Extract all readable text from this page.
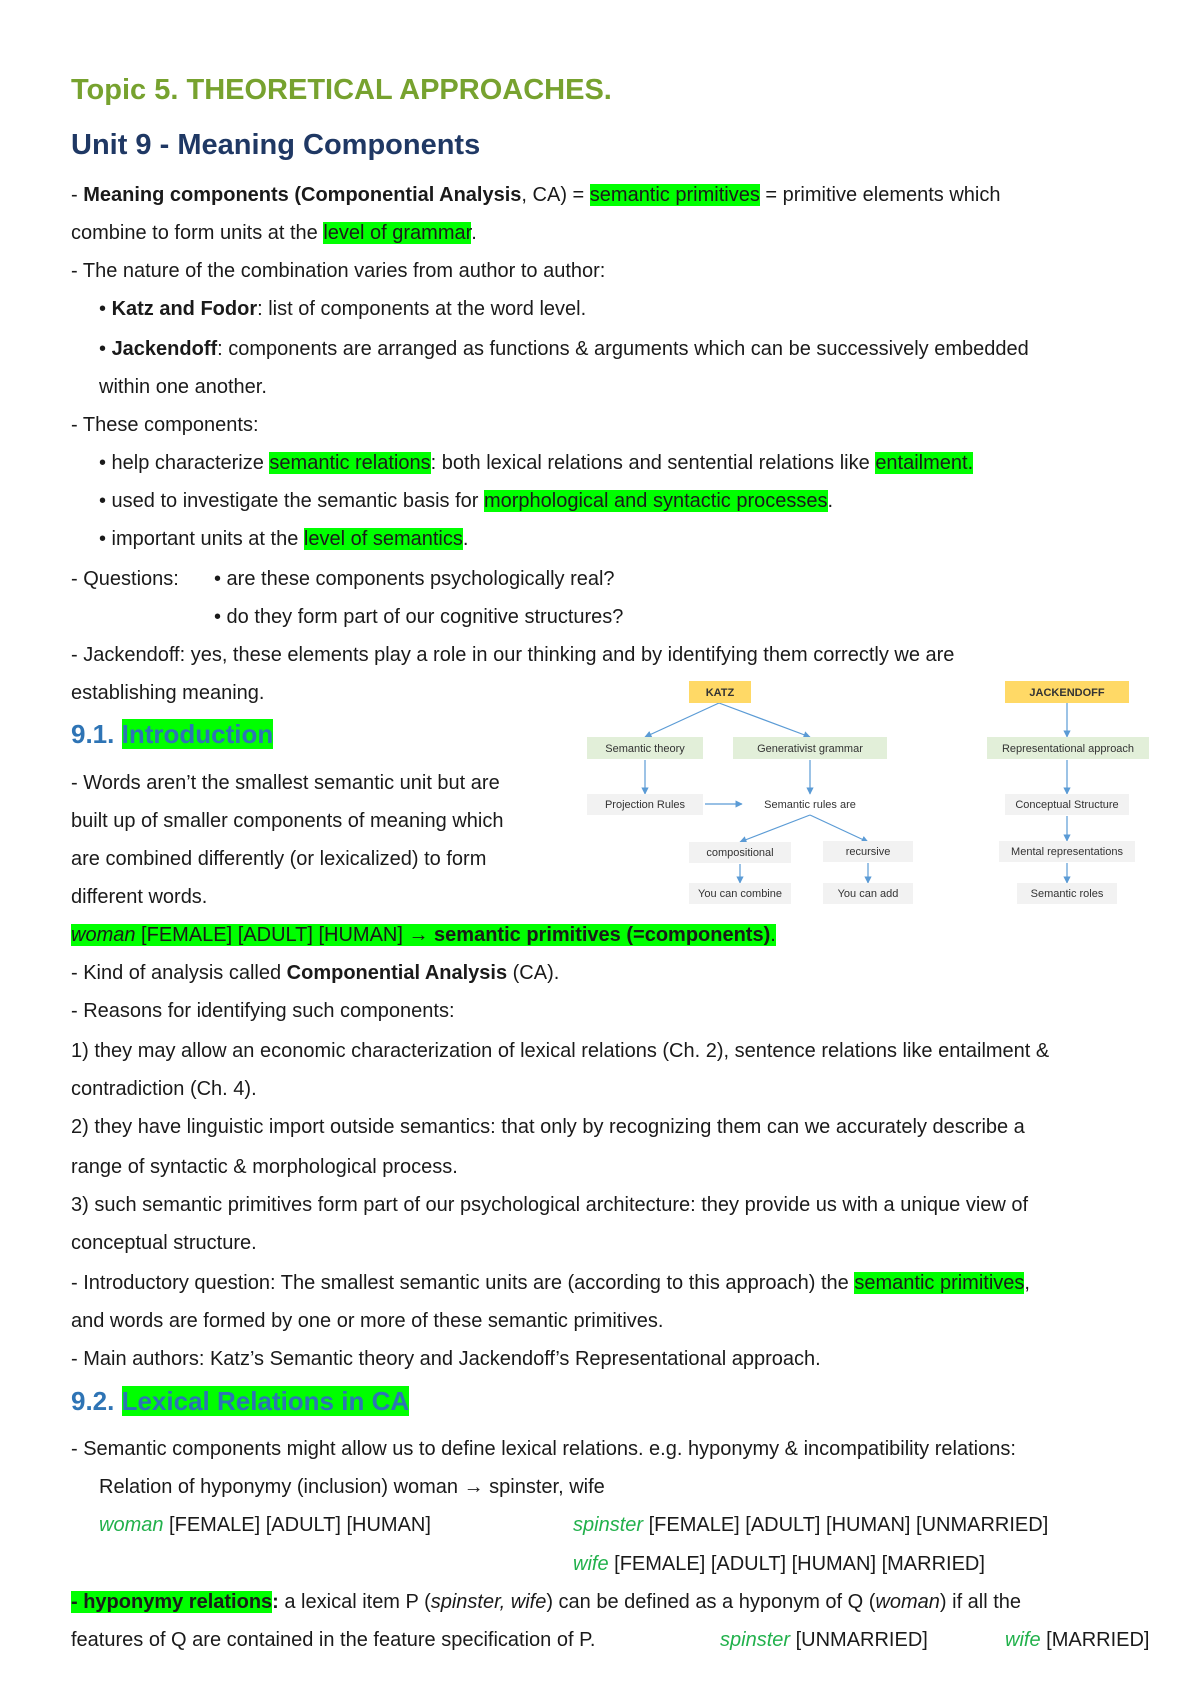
Topic 5. THEORETICAL APPROACHES.
Unit 9 - Meaning Components
- Meaning components (Componential Analysis, CA) = semantic primitives = primitive elements which
combine to form units at the level of grammar.
- The nature of the combination varies from author to author:
• Katz and Fodor: list of components at the word level.
• Jackendoff: components are arranged as functions & arguments which can be successively embedded
within one another.
- These components:
• help characterize semantic relations: both lexical relations and sentential relations like entailment.
• used to investigate the semantic basis for morphological and syntactic processes.
• important units at the level of semantics.
- Questions: • are these components psychologically real?
• do they form part of our cognitive structures?
- Jackendoff: yes, these elements play a role in our thinking and by identifying them correctly we are
establishing meaning.
9.1. Introduction
- Words aren’t the smallest semantic unit but are
built up of smaller components of meaning which
are combined differently (or lexicalized) to form
different words.
woman [FEMALE] [ADULT] [HUMAN] → semantic primitives (=components).
- Kind of analysis called Componential Analysis (CA).
- Reasons for identifying such components:
1) they may allow an economic characterization of lexical relations (Ch. 2), sentence relations like entailment &
contradiction (Ch. 4).
2) they have linguistic import outside semantics: that only by recognizing them can we accurately describe a
range of syntactic & morphological process.
3) such semantic primitives form part of our psychological architecture: they provide us with a unique view of
conceptual structure.
- Introductory question: The smallest semantic units are (according to this approach) the semantic primitives,
and words are formed by one or more of these semantic primitives.
- Main authors: Katz’s Semantic theory and Jackendoff’s Representational approach.
9.2. Lexical Relations in CA
- Semantic components might allow us to define lexical relations. e.g. hyponymy & incompatibility relations:
Relation of hyponymy (inclusion) woman → spinster, wife
woman [FEMALE] [ADULT] [HUMAN]	spinster [FEMALE] [ADULT] [HUMAN] [UNMARRIED]
wife [FEMALE] [ADULT] [HUMAN] [MARRIED]
- hyponymy relations: a lexical item P (spinster, wife) can be defined as a hyponym of Q (woman) if all the
features of Q are contained in the feature specification of P.	spinster [UNMARRIED]	wife [MARRIED]
KATZ
Semantic theory	Generativist grammar
Projection Rules	Semantic rules are
compositional	recursive
You can combine	You can add
JACKENDOFF
Representational approach
Conceptual Structure
Mental representations
Semantic roles
